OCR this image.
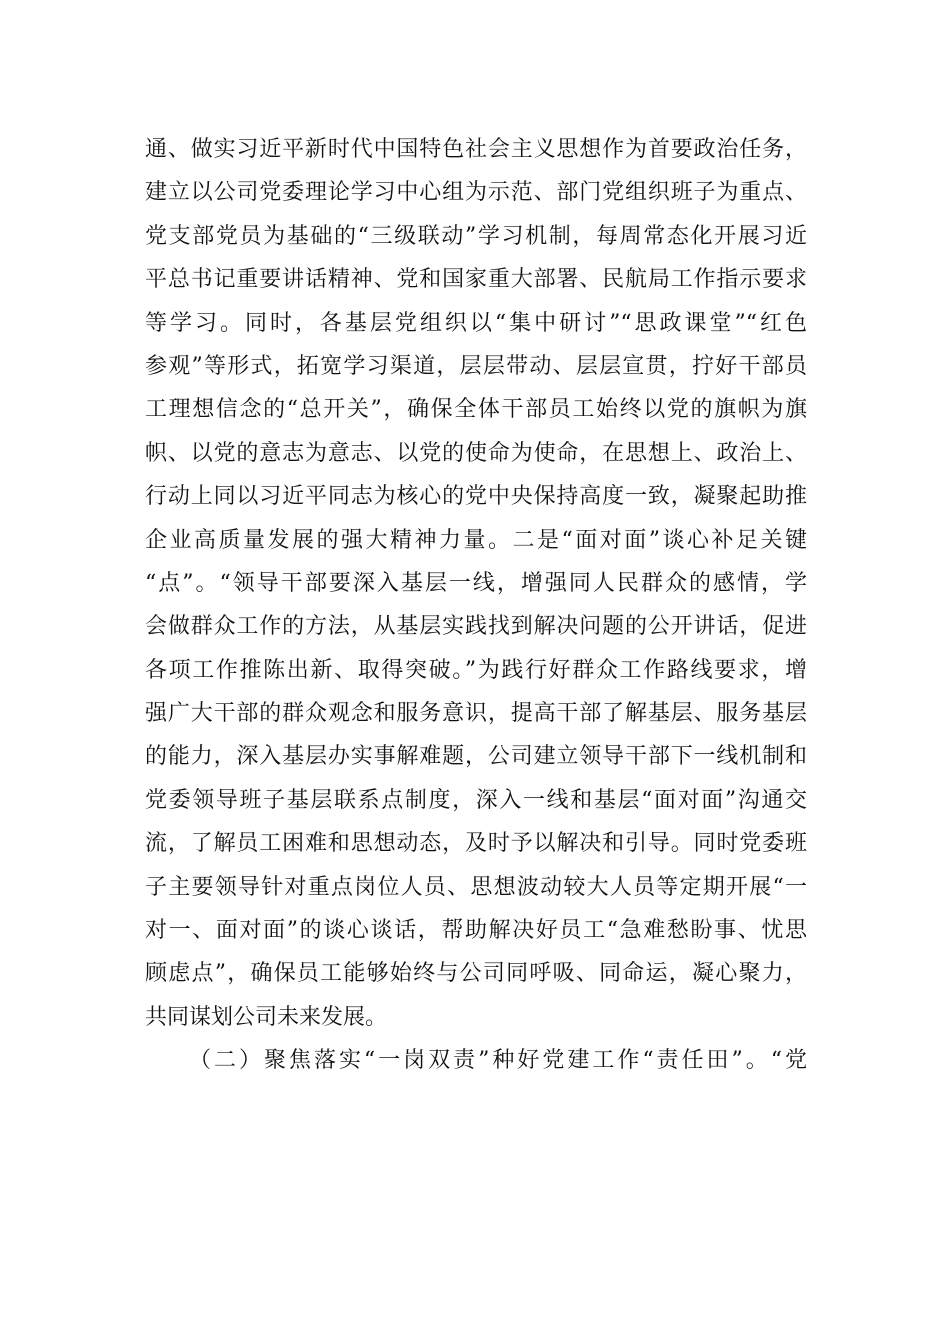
通、做实习近平新时代中国特色社会主义思想作为首要政治任务，
建立以公司党委理论学习中心组为示范、部门党组织班子为重点、
党支部党员为基础的“三级联动”学习机制，每周常态化开展习近
平总书记重要讲话精神、党和国家重大部署、民航局工作指示要求
等学习。同时，各基层党组织以“集中研讨”“思政课堂”“红色
参观”等形式，拓宽学习渠道，层层带动、层层宣贯，拧好干部员
工理想信念的“总开关”，确保全体干部员工始终以党的旗帜为旗
帜、以党的意志为意志、以党的使命为使命，在思想上、政治上、
行动上同以习近平同志为核心的党中央保持高度一致，凝聚起助推
企业高质量发展的强大精神力量。二是“面对面”谈心补足关键
“点”。“领导干部要深入基层一线，增强同人民群众的感情，学
会做群众工作的方法，从基层实践找到解决问题的公开讲话，促进
各项工作推陈出新、取得突破。”为践行好群众工作路线要求，增
强广大干部的群众观念和服务意识，提高干部了解基层、服务基层
的能力，深入基层办实事解难题，公司建立领导干部下一线机制和
党委领导班子基层联系点制度，深入一线和基层“面对面”沟通交
流，了解员工困难和思想动态，及时予以解决和引导。同时党委班
子主要领导针对重点岗位人员、思想波动较大人员等定期开展“一
对一、面对面”的谈心谈话，帮助解决好员工“急难愁盼事、忧思
顾虑点”，确保员工能够始终与公司同呼吸、同命运，凝心聚力，
共同谋划公司未来发展。
（二）聚焦落实“一岗双责”种好党建工作“责任田”。“党
